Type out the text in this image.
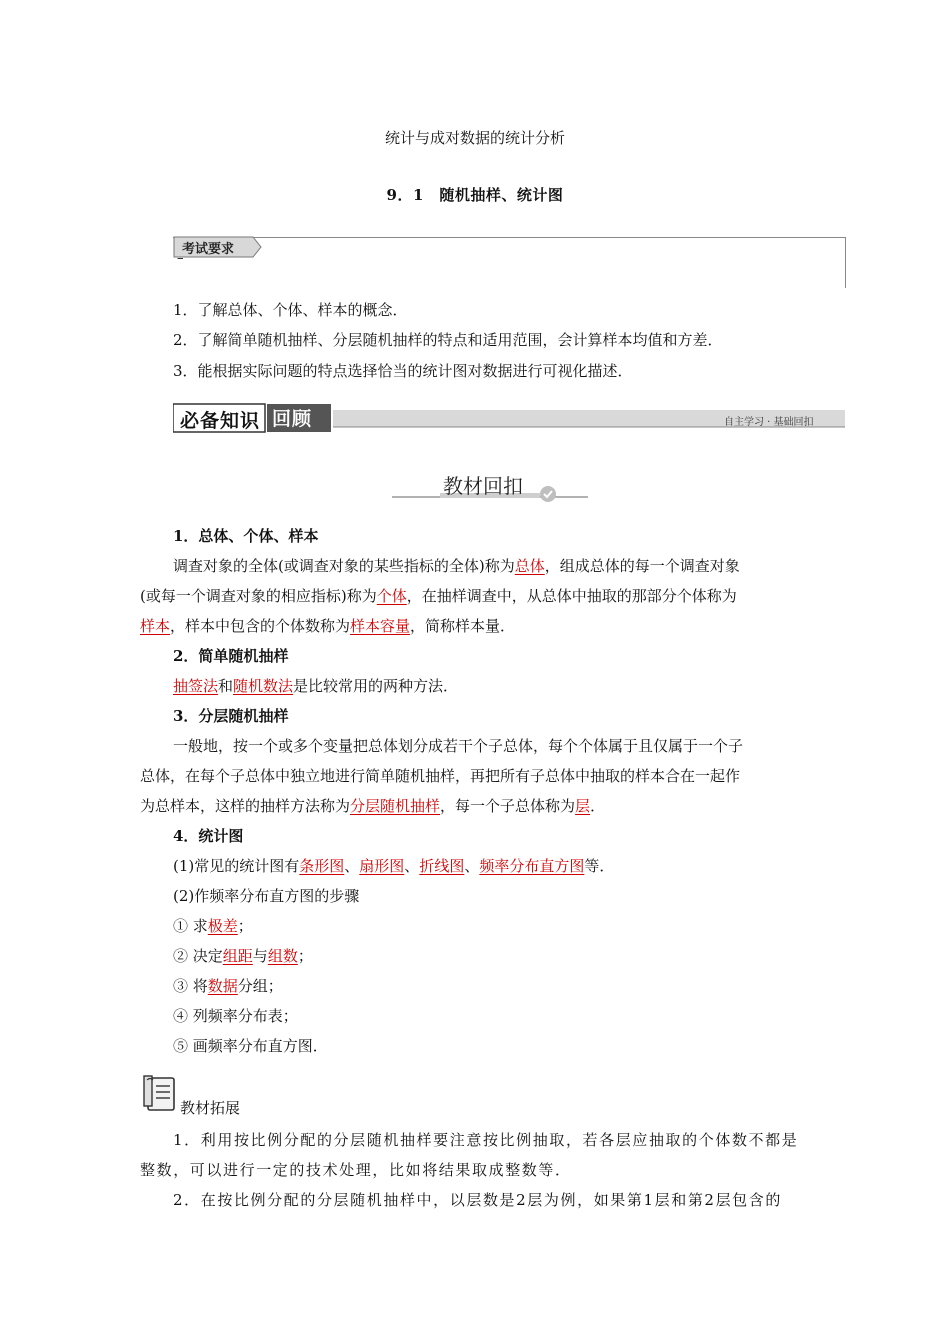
统计与成对数据的统计分析
9．1　随机抽样、统计图
考试要求
1．了解总体、个体、样本的概念．
2．了解简单随机抽样、分层随机抽样的特点和适用范围，会计算样本均值和方差．
3．能根据实际问题的特点选择恰当的统计图对数据进行可视化描述．
必备知识 回顾	自主学习 · 基础回扣
教材回扣
1．总体、个体、样本
调查对象的全体(或调查对象的某些指标的全体)称为总体，组成总体的每一个调查对象
(或每一个调查对象的相应指标)称为个体，在抽样调查中，从总体中抽取的那部分个体称为
样本，样本中包含的个体数称为样本容量，简称样本量．
2．简单随机抽样
抽签法和随机数法是比较常用的两种方法．
3．分层随机抽样
一般地，按一个或多个变量把总体划分成若干个子总体，每个个体属于且仅属于一个子
总体，在每个子总体中独立地进行简单随机抽样，再把所有子总体中抽取的样本合在一起作
为总样本，这样的抽样方法称为分层随机抽样，每一个子总体称为层．
4．统计图
(1)常见的统计图有条形图、扇形图、折线图、频率分布直方图等．
(2)作频率分布直方图的步骤
① 求极差；
② 决定组距与组数；
③ 将数据分组；
④ 列频率分布表；
⑤ 画频率分布直方图．
教材拓展
1．利用按比例分配的分层随机抽样要注意按比例抽取，若各层应抽取的个体数不都是
整数，可以进行一定的技术处理，比如将结果取成整数等．
2．在按比例分配的分层随机抽样中，以层数是2层为例，如果第1层和第2层包含的
